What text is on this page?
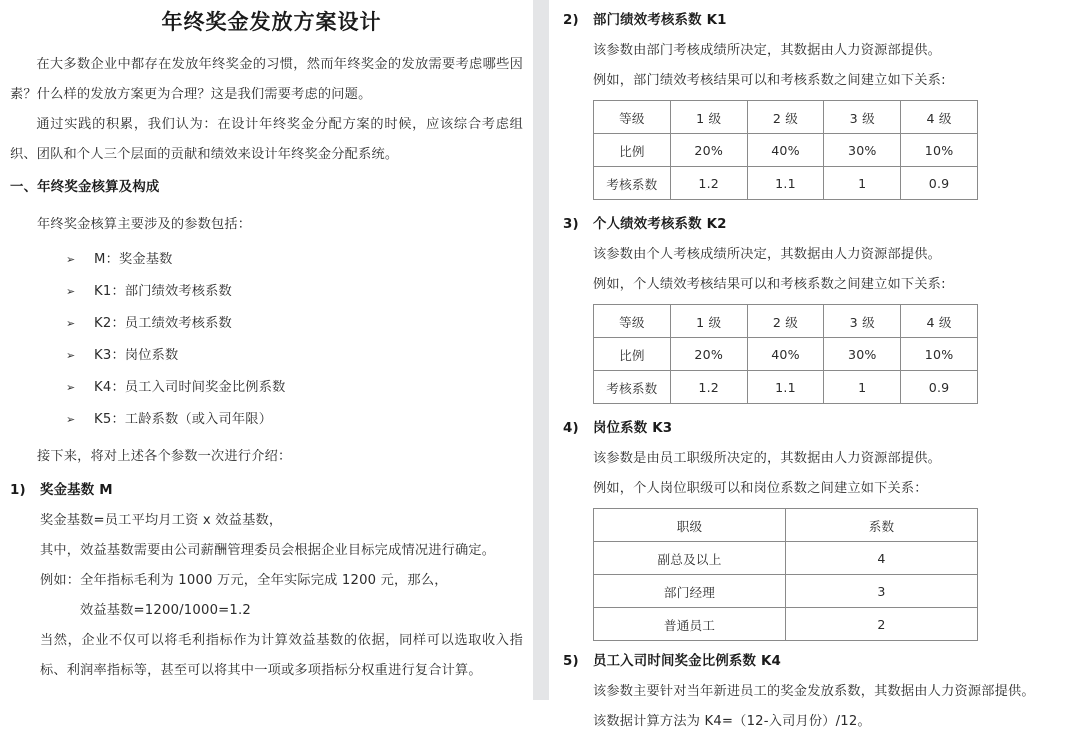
年终奖金发放方案设计

在大多数企业中都存在发放年终奖金的习惯，然而年终奖金的发放需要考虑哪些因素？什么样的发放方案更为合理？这是我们需要考虑的问题。

通过实践的积累，我们认为：在设计年终奖金分配方案的时候，应该综合考虑组织、团队和个人三个层面的贡献和绩效来设计年终奖金分配系统。

一、年终奖金核算及构成

年终奖金核算主要涉及的参数包括：

➢ M：奖金基数
➢ K1：部门绩效考核系数
➢ K2：员工绩效考核系数
➢ K3：岗位系数
➢ K4：员工入司时间奖金比例系数
➢ K5：工龄系数（或入司年限）

接下来，将对上述各个参数一次进行介绍：

1)	奖金基数 M

奖金基数=员工平均月工资 x 效益基数，

其中，效益基数需要由公司薪酬管理委员会根据企业目标完成情况进行确定。

例如：全年指标毛利为 1000 万元，全年实际完成 1200 元，那么，

效益基数=1200/1000=1.2

当然，企业不仅可以将毛利指标作为计算效益基数的依据，同样可以选取收入指标、利润率指标等，甚至可以将其中一项或多项指标分权重进行复合计算。

2)	部门绩效考核系数 K1

该参数由部门考核成绩所决定，其数据由人力资源部提供。

例如，部门绩效考核结果可以和考核系数之间建立如下关系:

等级	1 级	2 级	3 级	4 级
比例	20%	40%	30%	10%
考核系数	1.2	1.1	1	0.9
3)	个人绩效考核系数 K2

该参数由个人考核成绩所决定，其数据由人力资源部提供。

例如，个人绩效考核结果可以和考核系数之间建立如下关系:

等级	1 级	2 级	3 级	4 级
比例	20%	40%	30%	10%
考核系数	1.2	1.1	1	0.9
4)	岗位系数 K3

该参数是由员工职级所决定的，其数据由人力资源部提供。

例如，个人岗位职级可以和岗位系数之间建立如下关系：

职级	系数
副总及以上	4
部门经理	3
普通员工	2
5)	员工入司时间奖金比例系数 K4

该参数主要针对当年新进员工的奖金发放系数，其数据由人力资源部提供。

该数据计算方法为 K4=（12-入司月份）/12。
